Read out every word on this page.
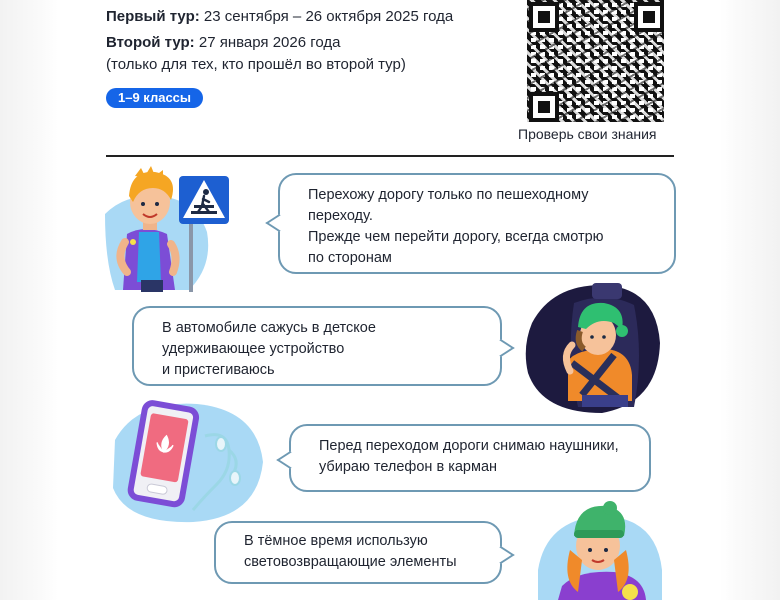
Первый тур: 23 сентября – 26 октября 2025 года
Второй тур: 27 января 2026 года
(только для тех, кто прошёл во второй тур)
1–9 классы
Проверь свои знания
Перехожу дорогу только по пешеходному
переходу.
Прежде чем перейти дорогу, всегда смотрю
по сторонам
В автомобиле сажусь в детское
удерживающее устройство
и пристегиваюсь
Перед переходом дороги снимаю наушники,
убираю телефон в карман
В тёмное время использую
световозвращающие элементы
